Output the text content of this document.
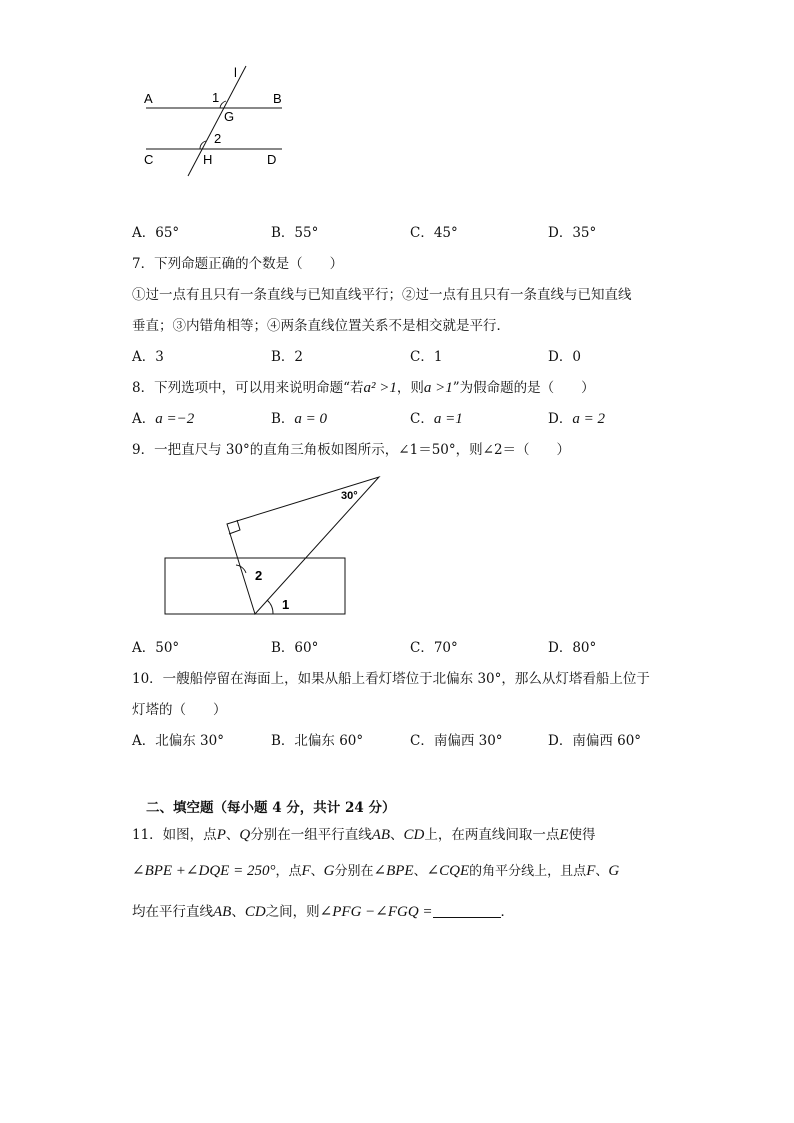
l
A	B
1
G
2
C	H	D
A．65°	B．55°	C．45°	D．35°
7．下列命题正确的个数是（　　）
①过一点有且只有一条直线与已知直线平行；②过一点有且只有一条直线与已知直线
垂直；③内错角相等；④两条直线位置关系不是相交就是平行．
A．3	B．2	C．1	D．0
8．下列选项中，可以用来说明命题“若a² >1，则a >1”为假命题的是（　　）
A．a =−2	B．a = 0	C．a =1	D．a = 2
9．一把直尺与 30°的直角三角板如图所示，∠1＝50°，则∠2＝（　　）
30°
2
1
A．50°	B．60°	C．70°	D．80°
10．一艘船停留在海面上，如果从船上看灯塔位于北偏东 30°，那么从灯塔看船上位于
灯塔的（　　）
A．北偏东 30°	B．北偏东 60°	C．南偏西 30°	D．南偏西 60°
二、填空题（每小题 4 分，共计 24 分）
11．如图，点P、Q分别在一组平行直线AB、CD上，在两直线间取一点E使得
∠BPE +∠DQE = 250°，点F、G分别在∠BPE、∠CQE的角平分线上，且点F、G
均在平行直线AB、CD之间，则∠PFG −∠FGQ =	．
